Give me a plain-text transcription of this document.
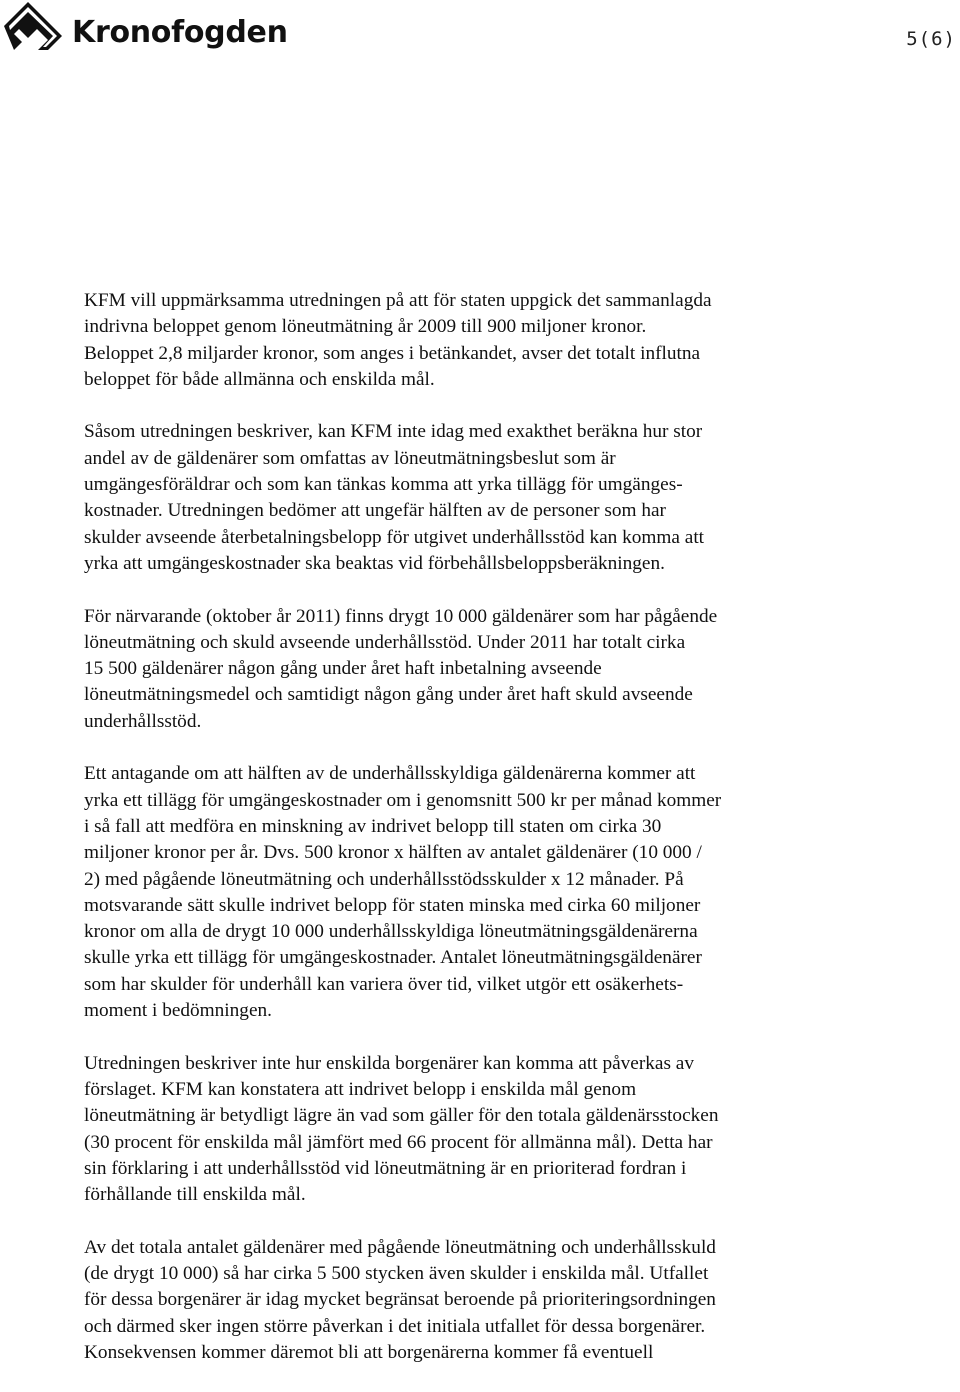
Kronofogden	5(6)

KFM vill uppmärksamma utredningen på att för staten uppgick det sammanlagda
indrivna beloppet genom löneutmätning år 2009 till 900 miljoner kronor.
Beloppet 2,8 miljarder kronor, som anges i betänkandet, avser det totalt influtna
beloppet för både allmänna och enskilda mål.

Såsom utredningen beskriver, kan KFM inte idag med exakthet beräkna hur stor
andel av de gäldenärer som omfattas av löneutmätningsbeslut som är
umgängesföräldrar och som kan tänkas komma att yrka tillägg för umgänges-
kostnader. Utredningen bedömer att ungefär hälften av de personer som har
skulder avseende återbetalningsbelopp för utgivet underhållsstöd kan komma att
yrka att umgängeskostnader ska beaktas vid förbehållsbeloppsberäkningen.

För närvarande (oktober år 2011) finns drygt 10 000 gäldenärer som har pågående
löneutmätning och skuld avseende underhållsstöd. Under 2011 har totalt cirka
15 500 gäldenärer någon gång under året haft inbetalning avseende
löneutmätningsmedel och samtidigt någon gång under året haft skuld avseende
underhållsstöd.

Ett antagande om att hälften av de underhållsskyldiga gäldenärerna kommer att
yrka ett tillägg för umgängeskostnader om i genomsnitt 500 kr per månad kommer
i så fall att medföra en minskning av indrivet belopp till staten om cirka 30
miljoner kronor per år. Dvs. 500 kronor x hälften av antalet gäldenärer (10 000 /
2) med pågående löneutmätning och underhållsstödsskulder x 12 månader. På
motsvarande sätt skulle indrivet belopp för staten minska med cirka 60 miljoner
kronor om alla de drygt 10 000 underhållsskyldiga löneutmätningsgäldenärerna
skulle yrka ett tillägg för umgängeskostnader. Antalet löneutmätningsgäldenärer
som har skulder för underhåll kan variera över tid, vilket utgör ett osäkerhets-
moment i bedömningen.

Utredningen beskriver inte hur enskilda borgenärer kan komma att påverkas av
förslaget. KFM kan konstatera att indrivet belopp i enskilda mål genom
löneutmätning är betydligt lägre än vad som gäller för den totala gäldenärsstocken
(30 procent för enskilda mål jämfört med 66 procent för allmänna mål). Detta har
sin förklaring i att underhållsstöd vid löneutmätning är en prioriterad fordran i
förhållande till enskilda mål.

Av det totala antalet gäldenärer med pågående löneutmätning och underhållsskuld
(de drygt 10 000) så har cirka 5 500 stycken även skulder i enskilda mål. Utfallet
för dessa borgenärer är idag mycket begränsat beroende på prioriteringsordningen
och därmed sker ingen större påverkan i det initiala utfallet för dessa borgenärer.
Konsekvensen kommer däremot bli att borgenärerna kommer få eventuell
